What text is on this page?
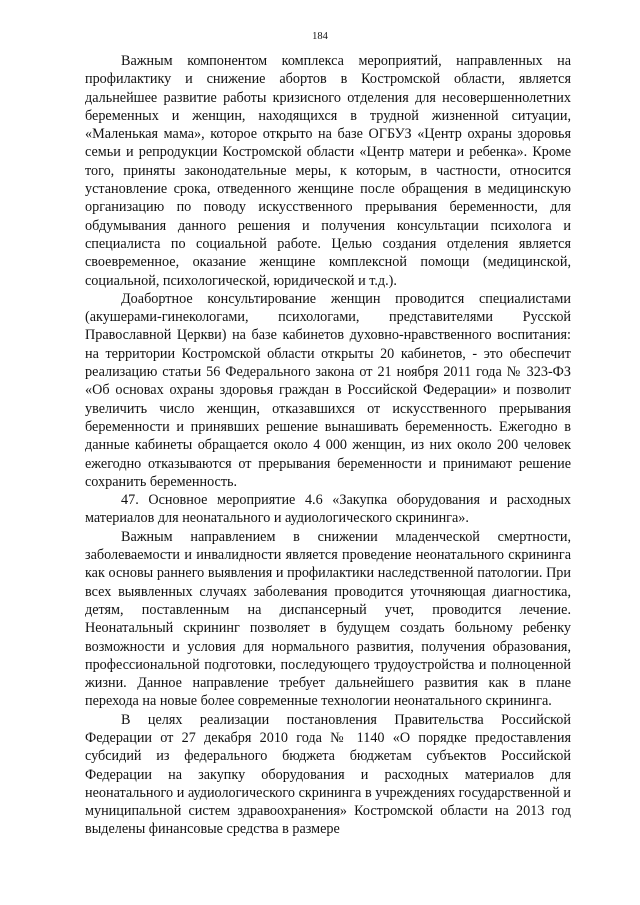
184

Важным компонентом комплекса мероприятий, направленных на профилактику и снижение абортов в Костромской области, является дальнейшее развитие работы кризисного отделения для несовершеннолетних беременных и женщин, находящихся в трудной жизненной ситуации, «Маленькая мама», которое открыто на базе ОГБУЗ «Центр охраны здоровья семьи и репродукции Костромской области «Центр матери и ребенка». Кроме того, приняты законодательные меры, к которым, в частности, относится установление срока, отведенного женщине после обращения в медицинскую организацию по поводу искусственного прерывания беременности, для обдумывания данного решения и получения консультации психолога и специалиста по социальной работе. Целью создания отделения является своевременное, оказание женщине комплексной помощи (медицинской, социальной, психологической, юридической и т.д.).

Доабортное консультирование женщин проводится специалистами (акушерами-гинекологами, психологами, представителями Русской Православной Церкви) на базе кабинетов духовно-нравственного воспитания: на территории Костромской области открыты 20 кабинетов, - это обеспечит реализацию статьи 56 Федерального закона от 21 ноября 2011 года № 323-ФЗ «Об основах охраны здоровья граждан в Российской Федерации» и позволит увеличить число женщин, отказавшихся от искусственного прерывания беременности и принявших решение вынашивать беременность. Ежегодно в данные кабинеты обращается около 4 000 женщин, из них около 200 человек ежегодно отказываются от прерывания беременности и принимают решение сохранить беременность.

47. Основное мероприятие 4.6 «Закупка оборудования и расходных материалов для неонатального и аудиологического скрининга».

Важным направлением в снижении младенческой смертности, заболеваемости и инвалидности является проведение неонатального скрининга как основы раннего выявления и профилактики наследственной патологии. При всех выявленных случаях заболевания проводится уточняющая диагностика, детям, поставленным на диспансерный учет, проводится лечение. Неонатальный скрининг позволяет в будущем создать больному ребенку возможности и условия для нормального развития, получения образования, профессиональной подготовки, последующего трудоустройства и полноценной жизни. Данное направление требует дальнейшего развития как в плане перехода на новые более современные технологии неонатального скрининга.

В целях реализации постановления Правительства Российской Федерации от 27 декабря 2010 года № 1140 «О порядке предоставления субсидий из федерального бюджета бюджетам субъектов Российской Федерации на закупку оборудования и расходных материалов для неонатального и аудиологического скрининга в учреждениях государственной и муниципальной систем здравоохранения» Костромской области на 2013 год выделены финансовые средства в размере
